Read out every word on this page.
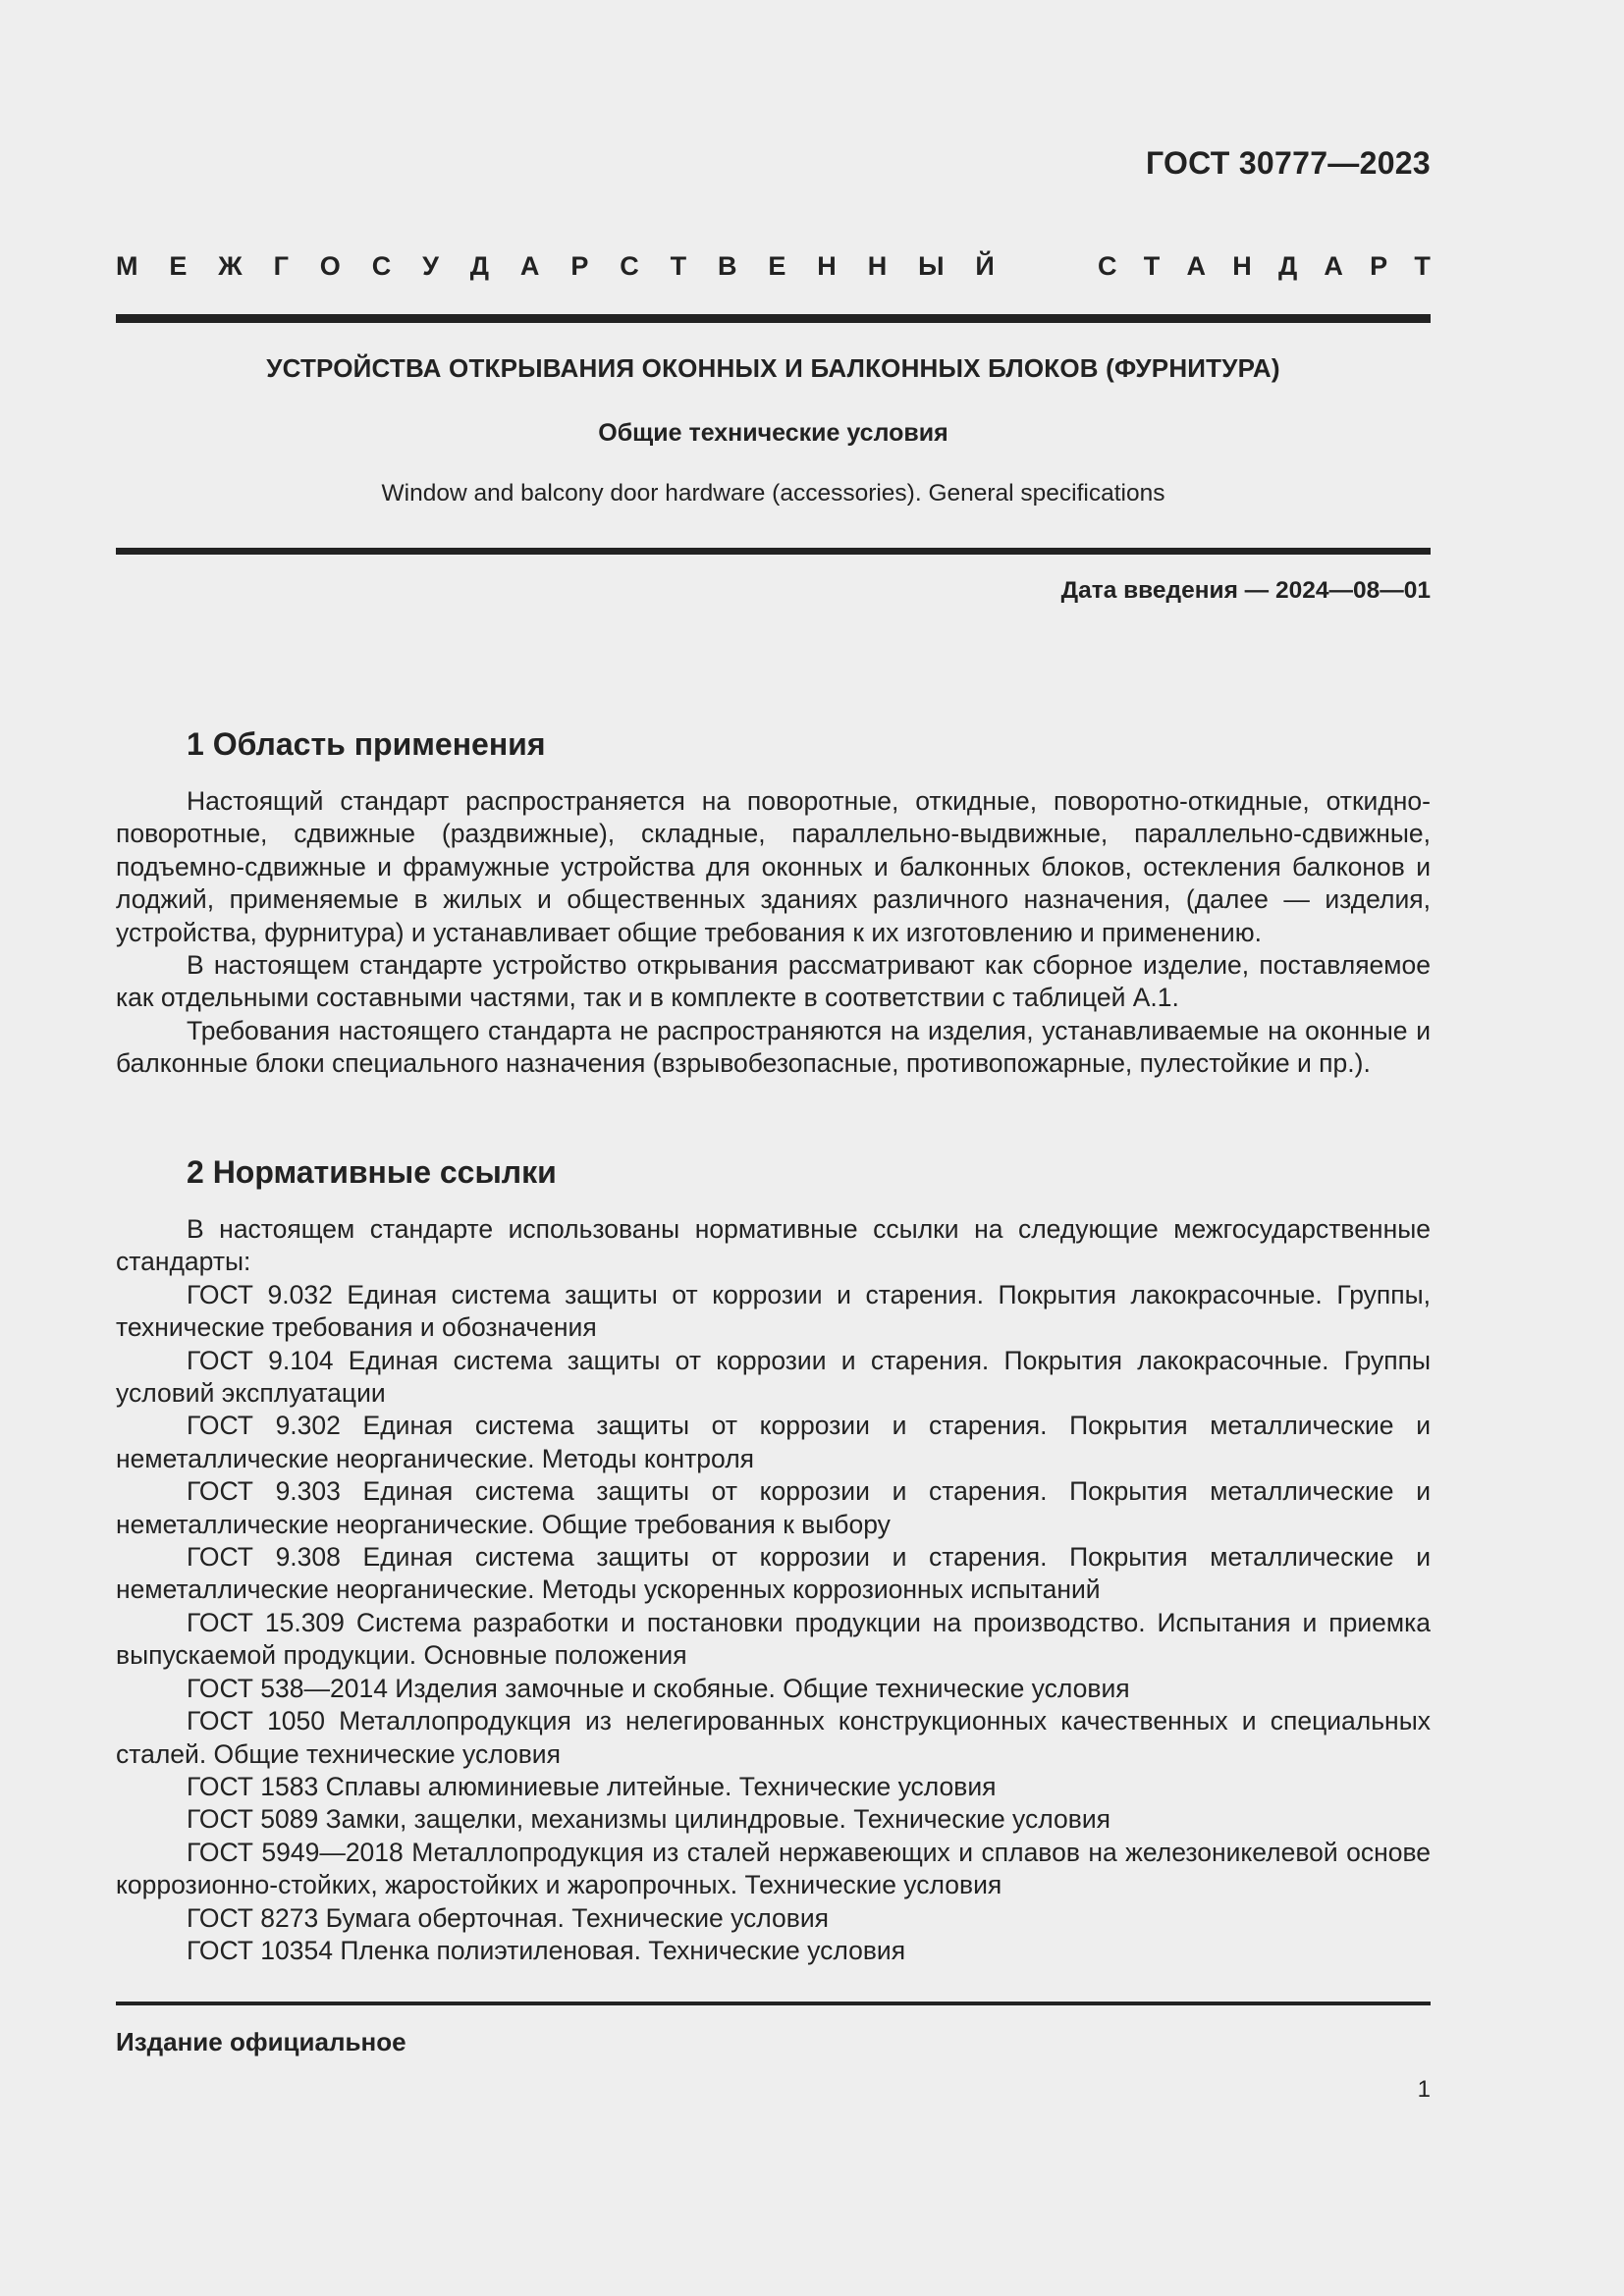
ГОСТ 30777—2023
М Е Ж Г О С У Д А Р С Т В Е Н Н Ы Й	С Т А Н Д А Р Т
УСТРОЙСТВА ОТКРЫВАНИЯ ОКОННЫХ И БАЛКОННЫХ БЛОКОВ (ФУРНИТУРА)
Общие технические условия
Window and balcony door hardware (accessories). General specifications
Дата введения — 2024—08—01
1 Область применения

Настоящий стандарт распространяется на поворотные, откидные, поворотно-откидные, откидно-поворотные, сдвижные (раздвижные), складные, параллельно-выдвижные, параллельно-сдвижные, подъемно-сдвижные и фрамужные устройства для оконных и балконных блоков, остекления балконов и лоджий, применяемые в жилых и общественных зданиях различного назначения, (далее — изделия, устройства, фурнитура) и устанавливает общие требования к их изготовлению и применению.

В настоящем стандарте устройство открывания рассматривают как сборное изделие, поставляемое как отдельными составными частями, так и в комплекте в соответствии с таблицей А.1.

Требования настоящего стандарта не распространяются на изделия, устанавливаемые на оконные и балконные блоки специального назначения (взрывобезопасные, противопожарные, пулестойкие и пр.).

2 Нормативные ссылки

В настоящем стандарте использованы нормативные ссылки на следующие межгосударственные стандарты:

ГОСТ 9.032 Единая система защиты от коррозии и старения. Покрытия лакокрасочные. Группы, технические требования и обозначения

ГОСТ 9.104 Единая система защиты от коррозии и старения. Покрытия лакокрасочные. Группы условий эксплуатации

ГОСТ 9.302 Единая система защиты от коррозии и старения. Покрытия металлические и неметаллические неорганические. Методы контроля

ГОСТ 9.303 Единая система защиты от коррозии и старения. Покрытия металлические и неметаллические неорганические. Общие требования к выбору

ГОСТ 9.308 Единая система защиты от коррозии и старения. Покрытия металлические и неметаллические неорганические. Методы ускоренных коррозионных испытаний

ГОСТ 15.309 Система разработки и постановки продукции на производство. Испытания и приемка выпускаемой продукции. Основные положения

ГОСТ 538—2014 Изделия замочные и скобяные. Общие технические условия

ГОСТ 1050 Металлопродукция из нелегированных конструкционных качественных и специальных сталей. Общие технические условия

ГОСТ 1583 Сплавы алюминиевые литейные. Технические условия

ГОСТ 5089 Замки, защелки, механизмы цилиндровые. Технические условия

ГОСТ 5949—2018 Металлопродукция из сталей нержавеющих и сплавов на железоникелевой основе коррозионно-стойких, жаростойких и жаропрочных. Технические условия

ГОСТ 8273 Бумага оберточная. Технические условия

ГОСТ 10354 Пленка полиэтиленовая. Технические условия

Издание официальное
1
